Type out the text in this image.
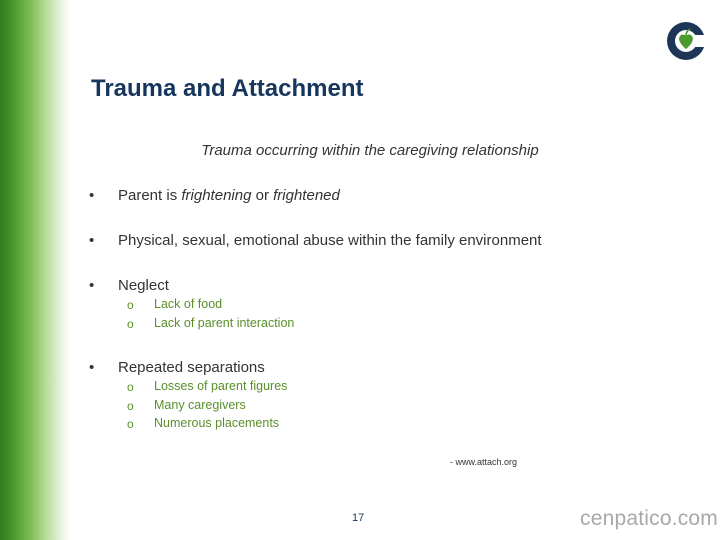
Trauma and Attachment
Trauma occurring within the caregiving relationship
• Parent is frightening or frightened
• Physical, sexual, emotional abuse within the family environment
• Neglect
o Lack of food
o Lack of parent interaction
• Repeated separations
o Losses of parent figures
o Many caregivers
o Numerous placements
- www.attach.org
17	cenpatico.com
